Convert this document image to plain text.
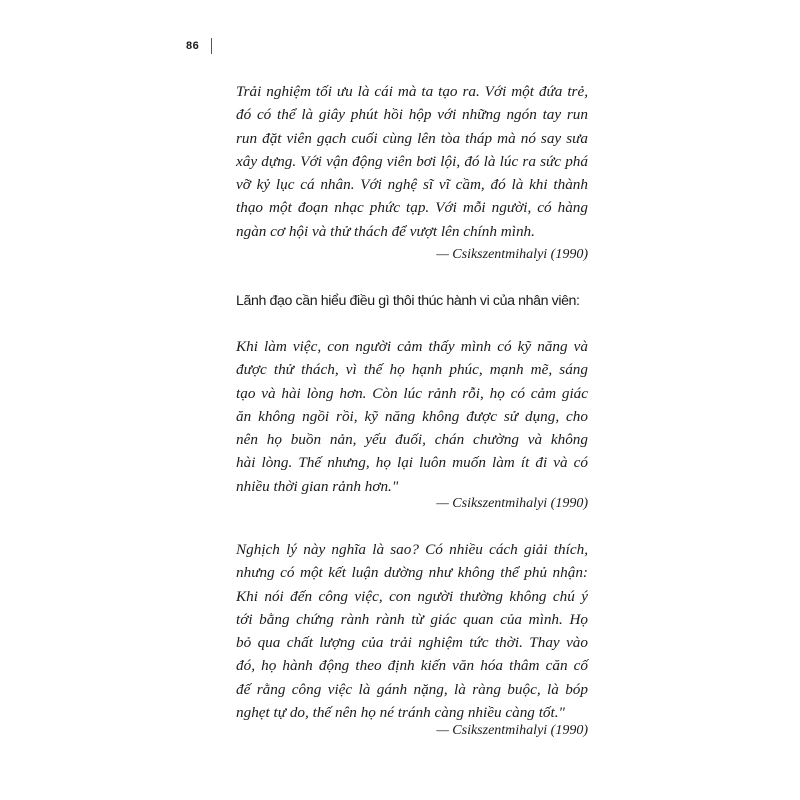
86

Trải nghiệm tối ưu là cái mà ta tạo ra. Với một đứa trẻ,
đó có thể là giây phút hồi hộp với những ngón tay run
run đặt viên gạch cuối cùng lên tòa tháp mà nó say sưa
xây dựng. Với vận động viên bơi lội, đó là lúc ra sức phá
vỡ kỷ lục cá nhân. Với nghệ sĩ vĩ cầm, đó là khi thành
thạo một đoạn nhạc phức tạp. Với mỗi người, có hàng
ngàn cơ hội và thử thách để vượt lên chính mình.

— Csikszentmihalyi (1990)

Lãnh đạo cần hiểu điều gì thôi thúc hành vi của nhân viên:

Khi làm việc, con người cảm thấy mình có kỹ năng và
được thử thách, vì thế họ hạnh phúc, mạnh mẽ, sáng
tạo và hài lòng hơn. Còn lúc rảnh rỗi, họ có cảm giác
ăn không ngồi rồi, kỹ năng không được sử dụng, cho
nên họ buồn nản, yếu đuối, chán chường và không
hài lòng. Thế nhưng, họ lại luôn muốn làm ít đi và có
nhiều thời gian rảnh hơn."

— Csikszentmihalyi (1990)

Nghịch lý này nghĩa là sao? Có nhiều cách giải thích,
nhưng có một kết luận dường như không thể phủ nhận:
Khi nói đến công việc, con người thường không chú ý
tới bằng chứng rành rành từ giác quan của mình. Họ
bỏ qua chất lượng của trải nghiệm tức thời. Thay vào
đó, họ hành động theo định kiến văn hóa thâm căn cố
đế rằng công việc là gánh nặng, là ràng buộc, là bóp
nghẹt tự do, thế nên họ né tránh càng nhiều càng tốt."

— Csikszentmihalyi (1990)
